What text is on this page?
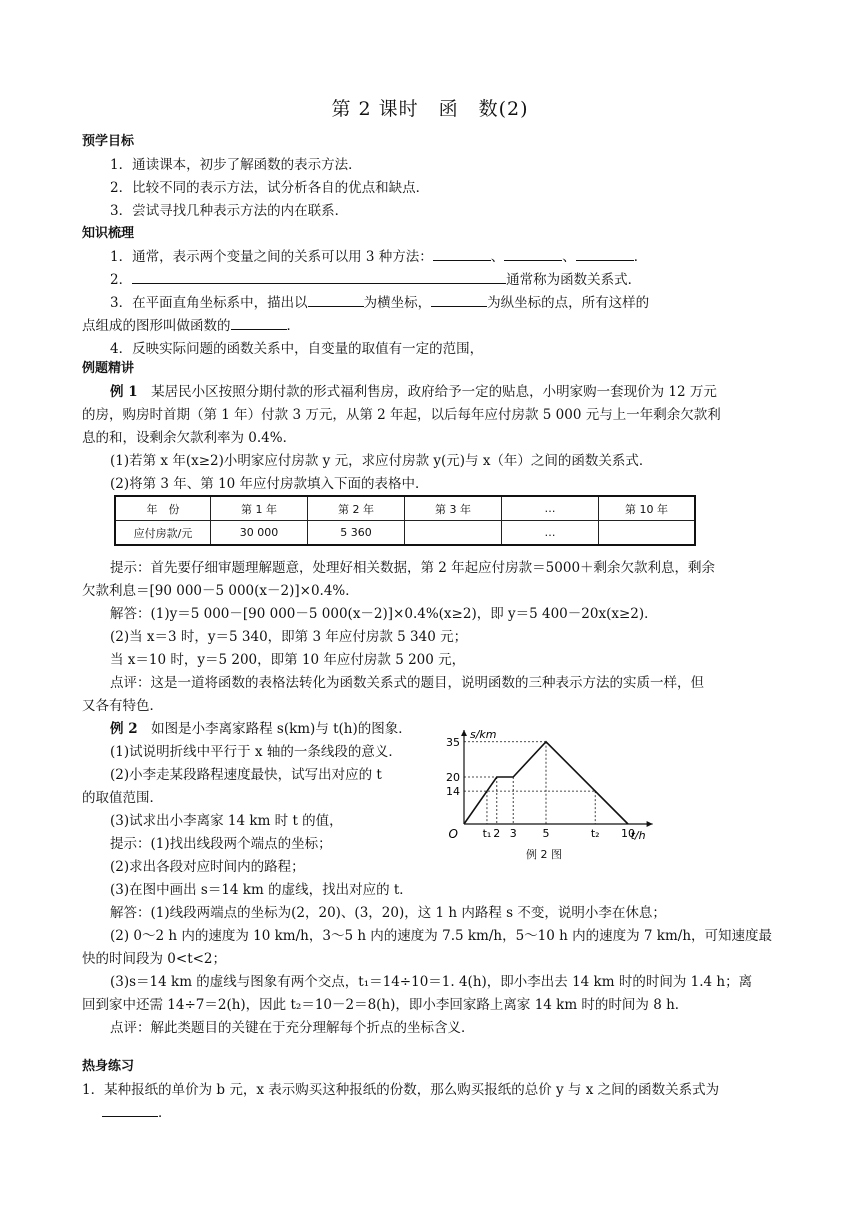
第 2 课时　函　数(2)
预学目标
1．通读课本，初步了解函数的表示方法．
2．比较不同的表示方法，试分析各自的优点和缺点．
3．尝试寻找几种表示方法的内在联系．
知识梳理
1．通常，表示两个变量之间的关系可以用 3 种方法：	、	、	．
2．	通常称为函数关系式．
3．在平面直角坐标系中，描出以	为横坐标，	为纵坐标的点，所有这样的
点组成的图形叫做函数的	．
4．反映实际问题的函数关系中，自变量的取值有一定的范围，
例题精讲
例 1　某居民小区按照分期付款的形式福利售房，政府给予一定的贴息，小明家购一套现价为 12 万元
的房，购房时首期（第 1 年）付款 3 万元，从第 2 年起，以后每年应付房款 5 000 元与上一年剩余欠款利
息的和，设剩余欠款利率为 0.4%．
(1)若第 x 年(x≥2)小明家应付房款 y 元，求应付房款 y(元)与 x（年）之间的函数关系式．
(2)将第 3 年、第 10 年应付房款填入下面的表格中．
年　份	第 1 年	第 2 年	第 3 年	…	第 10 年
应付房款/元	30 000	5 360		…	
提示：首先要仔细审题理解题意，处理好相关数据，第 2 年起应付房款＝5000＋剩余欠款利息，剩余
欠款利息＝[90 000－5 000(x－2)]×0.4%．
解答：(1)y＝5 000－[90 000－5 000(x－2)]×0.4%(x≥2)，即 y＝5 400－20x(x≥2)．
(2)当 x＝3 时，y＝5 340，即第 3 年应付房款 5 340 元；
当 x＝10 时，y＝5 200，即第 10 年应付房款 5 200 元，
点评：这是一道将函数的表格法转化为函数关系式的题目，说明函数的三种表示方法的实质一样，但
又各有特色．
例 2　如图是小李离家路程 s(km)与 t(h)的图象．
(1)试说明折线中平行于 x 轴的一条线段的意义．
(2)小李走某段路程速度最快，试写出对应的 t
的取值范围．
(3)试求出小李离家 14 km 时 t 的值，
提示：(1)找出线段两个端点的坐标；
(2)求出各段对应时间内的路程；
(3)在图中画出 s＝14 km 的虚线，找出对应的 t．
解答：(1)线段两端点的坐标为(2，20)、(3，20)，这 1 h 内路程 s 不变，说明小李在休息；
(2) 0～2 h 内的速度为 10 km/h，3～5 h 内的速度为 7.5 km/h，5～10 h 内的速度为 7 km/h，可知速度最
快的时间段为 0<t<2；
(3)s＝14 km 的虚线与图象有两个交点，t₁＝14÷10＝1. 4(h)，即小李出去 14 km 时的时间为 1.4 h；离
回到家中还需 14÷7＝2(h)，因此 t₂＝10－2＝8(h)，即小李回家路上离家 14 km 时的时间为 8 h．
点评：解此类题目的关键在于充分理解每个折点的坐标含义．
t₁ 2 3 5	t₂ 10
14
20
35
O
s/km
t/h
例 2 图
热身练习
1．某种报纸的单价为 b 元，x 表示购买这种报纸的份数，那么购买报纸的总价 y 与 x 之间的函数关系式为
．
